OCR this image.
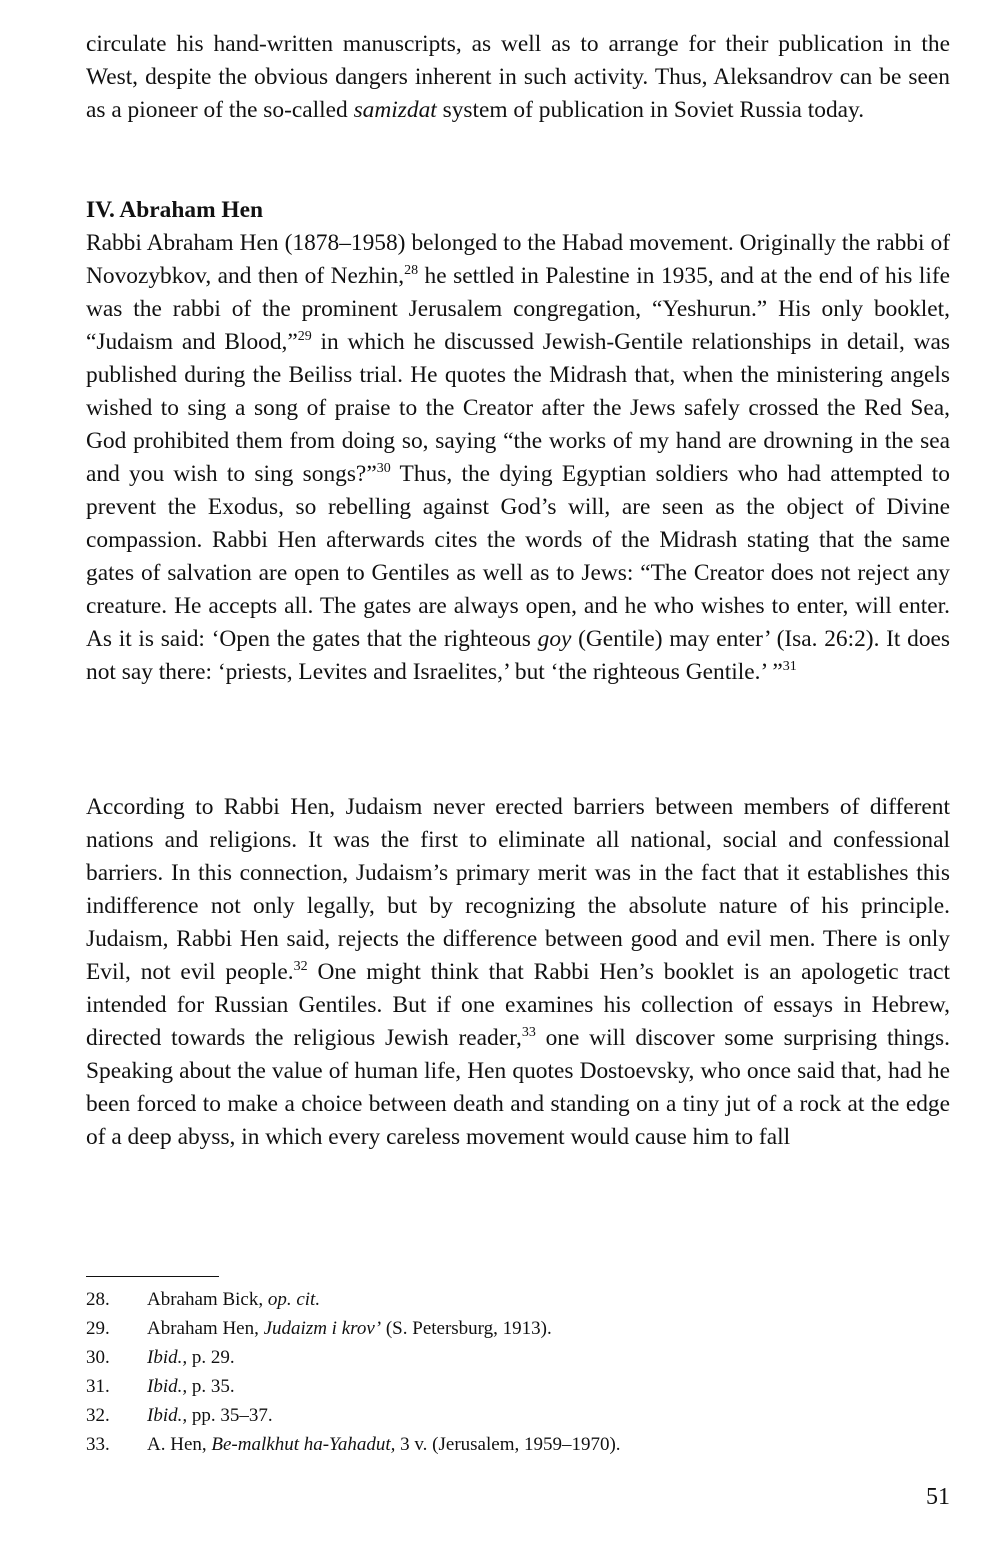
circulate his hand-written manuscripts, as well as to arrange for their publication in the West, despite the obvious dangers inherent in such activity. Thus, Aleksandrov can be seen as a pioneer of the so-called samizdat system of publication in Soviet Russia today.

IV. Abraham Hen

Rabbi Abraham Hen (1878–1958) belonged to the Habad movement. Originally the rabbi of Novozybkov, and then of Nezhin,$^{28}$ he settled in Palestine in 1935, and at the end of his life was the rabbi of the prominent Jerusalem congregation, “Yeshurun.” His only booklet, “Judaism and Blood,”$^{29}$ in which he discussed Jewish-Gentile relationships in detail, was published during the Beiliss trial. He quotes the Midrash that, when the ministering angels wished to sing a song of praise to the Creator after the Jews safely crossed the Red Sea, God prohibited them from doing so, saying “the works of my hand are drowning in the sea and you wish to sing songs?”$^{30}$ Thus, the dying Egyptian soldiers who had attempted to prevent the Exodus, so rebelling against God’s will, are seen as the object of Divine compassion. Rabbi Hen afterwards cites the words of the Midrash stating that the same gates of salvation are open to Gentiles as well as to Jews: “The Creator does not reject any creature. He accepts all. The gates are always open, and he who wishes to enter, will enter. As it is said: ‘Open the gates that the righteous goy (Gentile) may enter’ (Isa. 26:2). It does not say there: ‘priests, Levites and Israelites,’ but ‘the righteous Gentile.’ ”$^{31}$

According to Rabbi Hen, Judaism never erected barriers between members of different nations and religions. It was the first to eliminate all national, social and confessional barriers. In this connection, Judaism’s primary merit was in the fact that it establishes this indifference not only legally, but by recognizing the absolute nature of his principle. Judaism, Rabbi Hen said, rejects the difference between good and evil men. There is only Evil, not evil people.$^{32}$ One might think that Rabbi Hen’s booklet is an apologetic tract intended for Russian Gentiles. But if one examines his collection of essays in Hebrew, directed towards the religious Jewish reader,$^{33}$ one will discover some surprising things. Speaking about the value of human life, Hen quotes Dostoevsky, who once said that, had he been forced to make a choice between death and standing on a tiny jut of a rock at the edge of a deep abyss, in which every careless movement would cause him to fall

28. Abraham Bick, op. cit.
29. Abraham Hen, Judaizm i krov’ (S. Petersburg, 1913).
30. Ibid., p. 29.
31. Ibid., p. 35.
32. Ibid., pp. 35–37.
33. A. Hen, Be-malkhut ha-Yahadut, 3 v. (Jerusalem, 1959–1970).
51
